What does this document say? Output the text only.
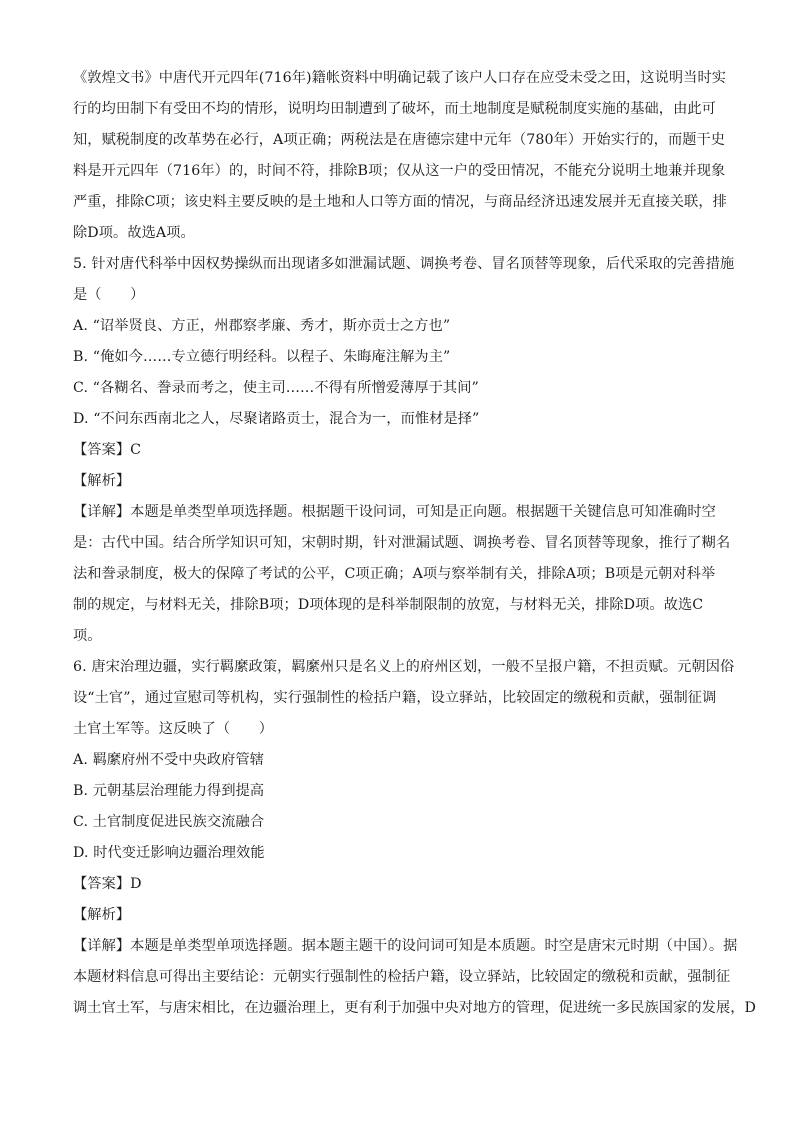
《敦煌文书》中唐代开元四年(716年)籍帐资料中明确记载了该户人口存在应受未受之田，这说明当时实
行的均田制下有受田不均的情形，说明均田制遭到了破坏，而土地制度是赋税制度实施的基础，由此可
知，赋税制度的改革势在必行，A项正确；两税法是在唐德宗建中元年（780年）开始实行的，而题干史
料是开元四年（716年）的，时间不符，排除B项；仅从这一户的受田情况，不能充分说明土地兼并现象
严重，排除C项；该史料主要反映的是土地和人口等方面的情况，与商品经济迅速发展并无直接关联，排
除D项。故选A项。
5. 针对唐代科举中因权势操纵而出现诸多如泄漏试题、调换考卷、冒名顶替等现象，后代采取的完善措施
是（　　）
A. “诏举贤良、方正，州郡察孝廉、秀才，斯亦贡士之方也”
B. “俺如今……专立德行明经科。以程子、朱晦庵注解为主”
C. “各糊名、誊录而考之，使主司……不得有所憎爱薄厚于其间”
D. “不问东西南北之人，尽聚诸路贡士，混合为一，而惟材是择”
【答案】C
【解析】
【详解】本题是单类型单项选择题。根据题干设问词，可知是正向题。根据题干关键信息可知准确时空
是：古代中国。结合所学知识可知，宋朝时期，针对泄漏试题、调换考卷、冒名顶替等现象，推行了糊名
法和誊录制度，极大的保障了考试的公平，C项正确；A项与察举制有关，排除A项；B项是元朝对科举
制的规定，与材料无关，排除B项；D项体现的是科举制限制的放宽，与材料无关，排除D项。故选C
项。
6. 唐宋治理边疆，实行羁縻政策，羁縻州只是名义上的府州区划，一般不呈报户籍，不担贡赋。元朝因俗
设“土官”，通过宣慰司等机构，实行强制性的检括户籍，设立驿站，比较固定的缴税和贡献，强制征调
土官土军等。这反映了（　　）
A. 羁縻府州不受中央政府管辖
B. 元朝基层治理能力得到提高
C. 土官制度促进民族交流融合
D. 时代变迁影响边疆治理效能
【答案】D
【解析】
【详解】本题是单类型单项选择题。据本题主题干的设问词可知是本质题。时空是唐宋元时期（中国）。据
本题材料信息可得出主要结论：元朝实行强制性的检括户籍，设立驿站，比较固定的缴税和贡献，强制征
调土官土军，与唐宋相比，在边疆治理上，更有利于加强中央对地方的管理，促进统一多民族国家的发展，D
